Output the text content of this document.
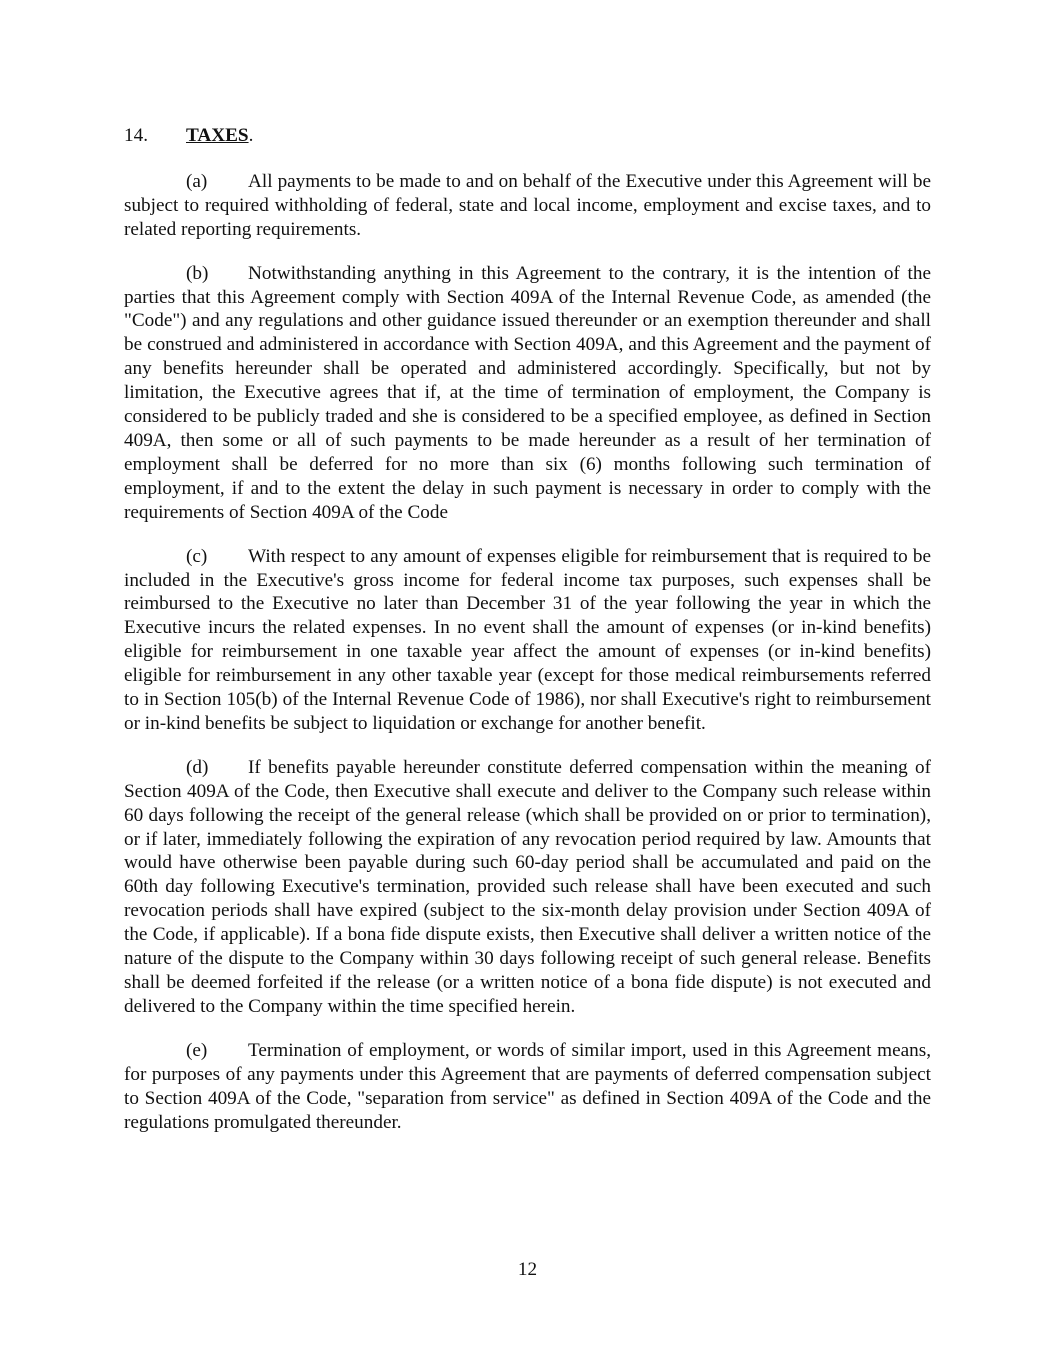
14. TAXES.

(a) All payments to be made to and on behalf of the Executive under this Agreement will be subject to required withholding of federal, state and local income, employment and excise taxes, and to related reporting requirements.

(b) Notwithstanding anything in this Agreement to the contrary, it is the intention of the parties that this Agreement comply with Section 409A of the Internal Revenue Code, as amended (the "Code") and any regulations and other guidance issued thereunder or an exemption thereunder and shall be construed and administered in accordance with Section 409A, and this Agreement and the payment of any benefits hereunder shall be operated and administered accordingly. Specifically, but not by limitation, the Executive agrees that if, at the time of termination of employment, the Company is considered to be publicly traded and she is considered to be a specified employee, as defined in Section 409A, then some or all of such payments to be made hereunder as a result of her termination of employment shall be deferred for no more than six (6) months following such termination of employment, if and to the extent the delay in such payment is necessary in order to comply with the requirements of Section 409A of the Code

(c) With respect to any amount of expenses eligible for reimbursement that is required to be included in the Executive's gross income for federal income tax purposes, such expenses shall be reimbursed to the Executive no later than December 31 of the year following the year in which the Executive incurs the related expenses. In no event shall the amount of expenses (or in-kind benefits) eligible for reimbursement in one taxable year affect the amount of expenses (or in-kind benefits) eligible for reimbursement in any other taxable year (except for those medical reimbursements referred to in Section 105(b) of the Internal Revenue Code of 1986), nor shall Executive's right to reimbursement or in-kind benefits be subject to liquidation or exchange for another benefit.

(d) If benefits payable hereunder constitute deferred compensation within the meaning of Section 409A of the Code, then Executive shall execute and deliver to the Company such release within 60 days following the receipt of the general release (which shall be provided on or prior to termination), or if later, immediately following the expiration of any revocation period required by law. Amounts that would have otherwise been payable during such 60-day period shall be accumulated and paid on the 60th day following Executive's termination, provided such release shall have been executed and such revocation periods shall have expired (subject to the six-month delay provision under Section 409A of the Code, if applicable). If a bona fide dispute exists, then Executive shall deliver a written notice of the nature of the dispute to the Company within 30 days following receipt of such general release. Benefits shall be deemed forfeited if the release (or a written notice of a bona fide dispute) is not executed and delivered to the Company within the time specified herein.

(e) Termination of employment, or words of similar import, used in this Agreement means, for purposes of any payments under this Agreement that are payments of deferred compensation subject to Section 409A of the Code, "separation from service" as defined in Section 409A of the Code and the regulations promulgated thereunder.

12
